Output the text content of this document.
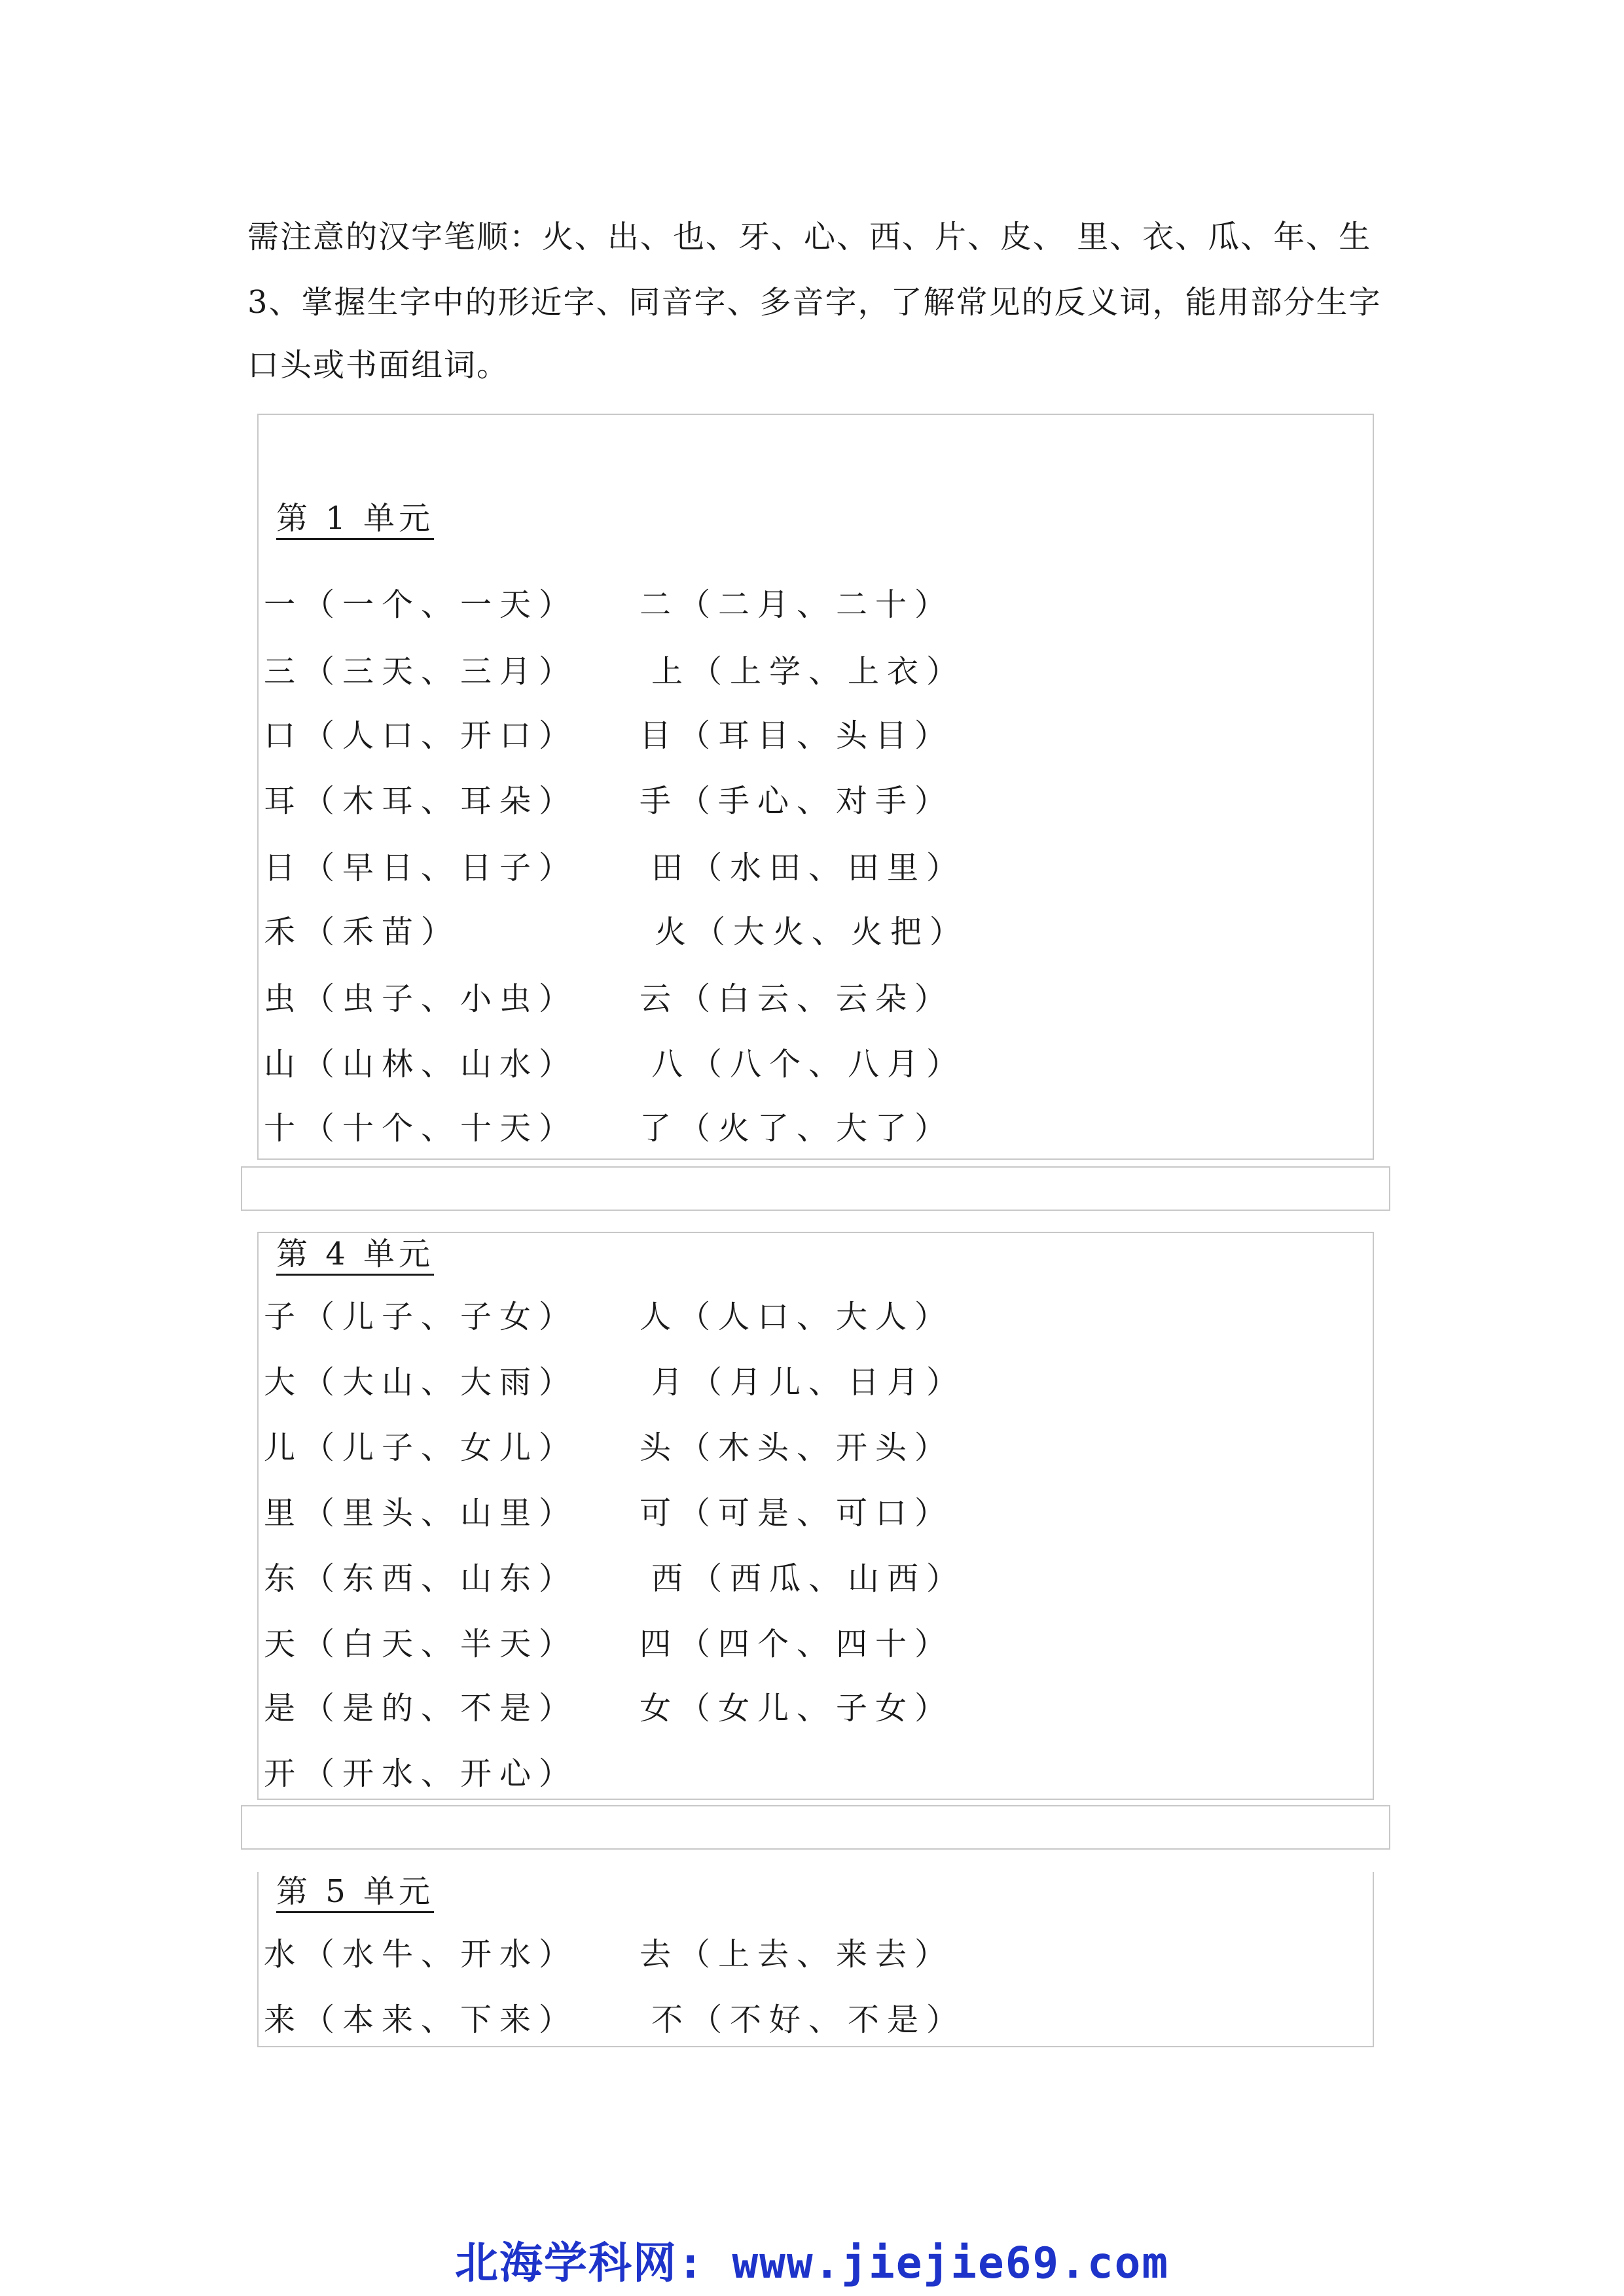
需注意的汉字笔顺：火、出、也、牙、心、西、片、皮、 里、衣、瓜、年、生
3、掌握生字中的形近字、同音字、多音字，了解常见的反义词，能用部分生字
口头或书面组词。
第 1 单元
一（一个、一天） 二（二月、二十）
三（三天、三月） 上（上学、上衣）
口（人口、开口） 目（耳目、头目）
耳（木耳、耳朵） 手（手心、对手）
日（早日、日子） 田（水田、田里）
禾（禾苗）	火（大火、火把）
虫（虫子、小虫） 云（白云、云朵）
山（山林、山水） 八（八个、八月）
十（十个、十天） 了（火了、大了）
第 4 单元
子（儿子、子女） 人（人口、大人）
大（大山、大雨） 月（月儿、日月）
儿（儿子、女儿） 头（木头、开头）
里（里头、山里） 可（可是、可口）
东（东西、山东） 西（西瓜、山西）
天（白天、半天） 四（四个、四十）
是（是的、不是） 女（女儿、子女）
开（开水、开心）
第 5 单元
水（水牛、开水） 去（上去、来去）
来（本来、下来） 不（不好、不是）
北海学科网: www.jiejie69.com
